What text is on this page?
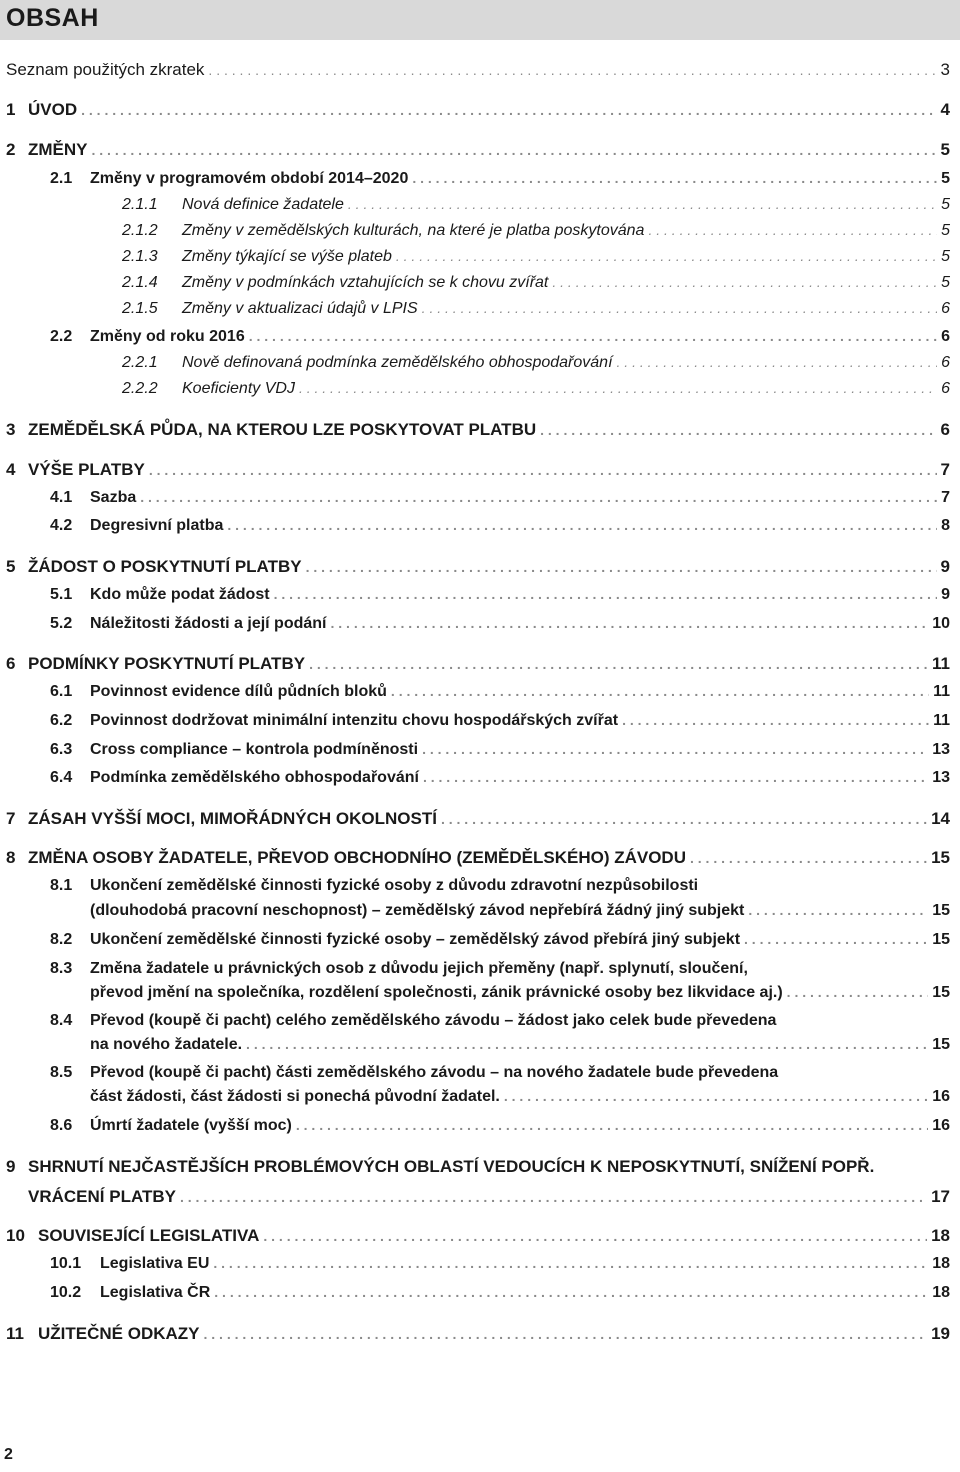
OBSAH
Seznam použitých zkratek . . .	3
1 ÚVOD . . .	4
2 ZMĚNY . . .	5
2.1	Změny v programovém období 2014–2020 . . .	5
2.1.1	Nová definice žadatele . . .	5
2.1.2	Změny v zemědělských kulturách, na které je platba poskytována . . .	5
2.1.3	Změny týkající se výše plateb . . .	5
2.1.4	Změny v podmínkách vztahujících se k chovu zvířat . . .	5
2.1.5	Změny v aktualizaci údajů v LPIS . . .	6
2.2	Změny od roku 2016 . . .	6
2.2.1	Nově definovaná podmínka zemědělského obhospodařování . . .	6
2.2.2	Koeficienty VDJ . . .	6
3 ZEMĚDĚLSKÁ PŮDA, NA KTEROU LZE POSKYTOVAT PLATBU . . .	6
4 VÝŠE PLATBY . . .	7
4.1	Sazba . . .	7
4.2	Degresivní platba . . .	8
5 ŽÁDOST O POSKYTNUTÍ PLATBY . . .	9
5.1	Kdo může podat žádost . . .	9
5.2	Náležitosti žádosti a její podání . . .	10
6 PODMÍNKY POSKYTNUTÍ PLATBY . . .	11
6.1	Povinnost evidence dílů půdních bloků . . .	11
6.2	Povinnost dodržovat minimální intenzitu chovu hospodářských zvířat . . .	11
6.3	Cross compliance – kontrola podmíněnosti . . .	13
6.4	Podmínka zemědělského obhospodařování . . .	13
7 ZÁSAH VYŠŠÍ MOCI, MIMOŘÁDNÝCH OKOLNOSTÍ . . .	14
8 ZMĚNA OSOBY ŽADATELE, PŘEVOD OBCHODNÍHO (ZEMĚDĚLSKÉHO) ZÁVODU . . .	15
8.1	Ukončení zemědělské činnosti fyzické osoby z důvodu zdravotní nezpůsobilosti
(dlouhodobá pracovní neschopnost) – zemědělský závod nepřebírá žádný jiný subjekt . . .	15
8.2	Ukončení zemědělské činnosti fyzické osoby – zemědělský závod přebírá jiný subjekt . . .	15
8.3	Změna žadatele u právnických osob z důvodu jejich přeměny (např. splynutí, sloučení,
převod jmění na společníka, rozdělení společnosti, zánik právnické osoby bez likvidace aj.) . . .	15
8.4	Převod (koupě či pacht) celého zemědělského závodu – žádost jako celek bude převedena
na nového žadatele. . . .	15
8.5	Převod (koupě či pacht) části zemědělského závodu – na nového žadatele bude převedena
část žádosti, část žádosti si ponechá původní žadatel. . . .	16
8.6	Úmrtí žadatele (vyšší moc) . . .	16
9 SHRNUTÍ NEJČASTĚJŠÍCH PROBLÉMOVÝCH OBLASTÍ VEDOUCÍCH K NEPOSKYTNUTÍ, SNÍŽENÍ POPŘ.
VRÁCENÍ PLATBY . . .	17
10 SOUVISEJÍCÍ LEGISLATIVA . . .	18
10.1	Legislativa EU . . .	18
10.2	Legislativa ČR . . .	18
11 UŽITEČNÉ ODKAZY . . .	19
2
